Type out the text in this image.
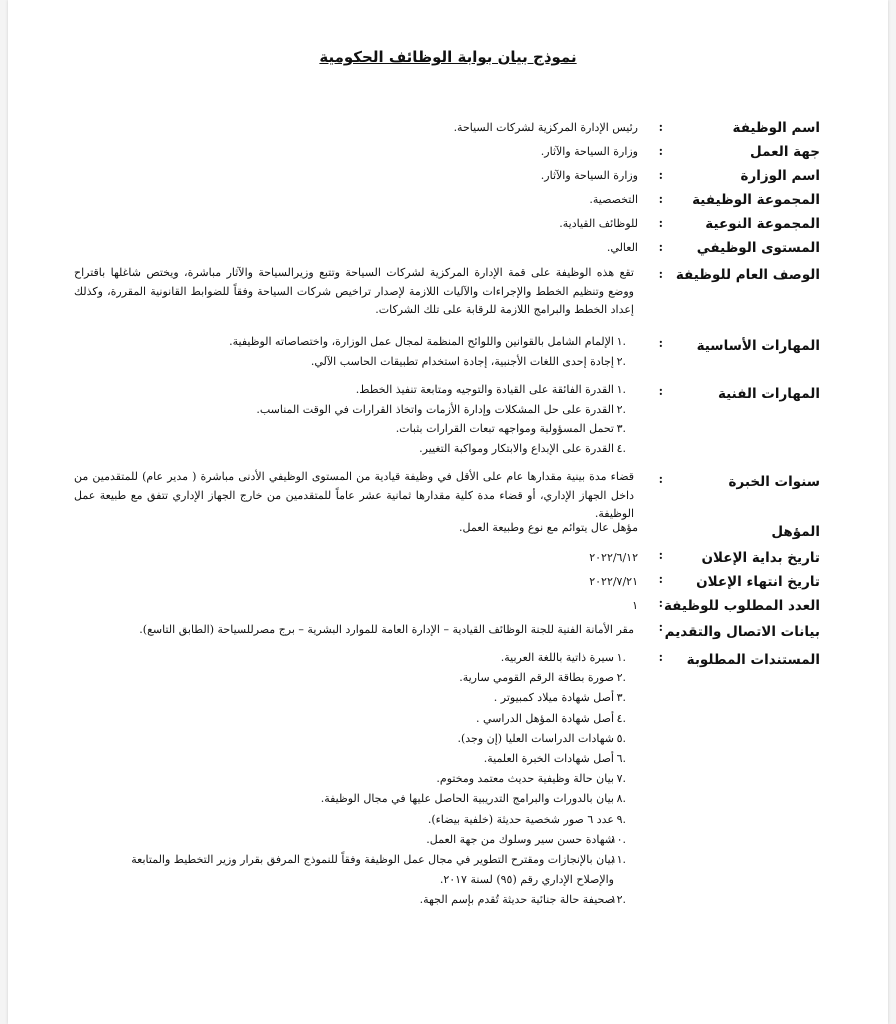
نموذج بيان بوابة الوظائف الحكومية
اسم الوظيفة
:
رئيس الإدارة المركزية لشركات السياحة.
جهة العمل
:
وزارة السياحة والآثار.
اسم الوزارة
:
وزارة السياحة والآثار.
المجموعة الوظيفية
:
التخصصية.
المجموعة النوعية
:
للوظائف القيادية.
المستوى الوظيفي
:
العالي.
الوصف العام للوظيفة
:
تقع هذه الوظيفة على قمة الإدارة المركزية لشركات السياحة وتتبع وزيرالسياحة والآثار مباشرة، ويختص شاغلها باقتراح ووضع وتنظيم الخطط والإجراءات والآليات اللازمة لإصدار تراخيص شركات السياحة وفقاً للضوابط القانونية المقررة، وكذلك إعداد الخطط والبرامج اللازمة للرقابة على تلك الشركات.
المهارات الأساسية
:
.١
الإلمام الشامل بالقوانين واللوائح المنظمة لمجال عمل الوزارة، واختصاصاته الوظيفية.
.٢
إجادة إحدى اللغات الأجنبية، إجادة استخدام تطبيقات الحاسب الآلي.
المهارات الفنية
:
.١
القدرة الفائقة على القيادة والتوجيه ومتابعة تنفيذ الخطط.
.٢
القدرة على حل المشكلات وإدارة الأزمات واتخاذ القرارات في الوقت المناسب.
.٣
تحمل المسؤولية ومواجهه تبعات القرارات بثبات.
.٤
القدرة على الإبداع والابتكار ومواكبة التغيير.
سنوات الخبرة
:
قضاء مدة بينية مقدارها عام على الأقل في وظيفة قيادية من المستوى الوظيفي الأدنى مباشرة ( مدير عام) للمتقدمين من داخل الجهاز الإداري، أو قضاء مدة كلية مقدارها ثمانية عشر عاماً للمتقدمين من خارج الجهاز الإداري تتفق مع طبيعة عمل الوظيفة.
المؤهل
مؤهل عال يتوائم مع نوع وطبيعة العمل.
تاريخ بداية الإعلان
:
٢٠٢٢/٦/١٢
تاريخ انتهاء الإعلان
:
٢٠٢٢/٧/٢١
العدد المطلوب للوظيفة
:
١
بيانات الاتصال والتقديم
:
مقر الأمانة الفنية للجنة الوظائف القيادية – الإدارة العامة للموارد البشرية – برج مصرللسياحة (الطابق التاسع).
المستندات المطلوبة
:
.١
سيرة ذاتية باللغة العربية.
.٢
صورة بطاقة الرقم القومي سارية.
.٣
أصل شهادة ميلاد كمبيوتر .
.٤
أصل شهادة المؤهل الدراسي .
.٥
شهادات الدراسات العليا (إن وجد).
.٦
أصل شهادات الخبرة العلمية.
.٧
بيان حالة وظيفية حديث معتمد ومختوم.
.٨
بيان بالدورات والبرامج التدريبية الحاصل عليها في مجال الوظيفة.
.٩
عدد ٦ صور شخصية حديثة (خلفية بيضاء).
.١٠
شهادة حسن سير وسلوك من جهة العمل.
.١١
بيان بالإنجازات ومقترح التطوير في مجال عمل الوظيفة وفقاً للنموذج المرفق بقرار وزير التخطيط والمتابعة والإصلاح الإداري رقم (٩٥) لسنة ٢٠١٧.
.١٢
صحيفة حالة جنائية حديثة تُقدم بإسم الجهة.
